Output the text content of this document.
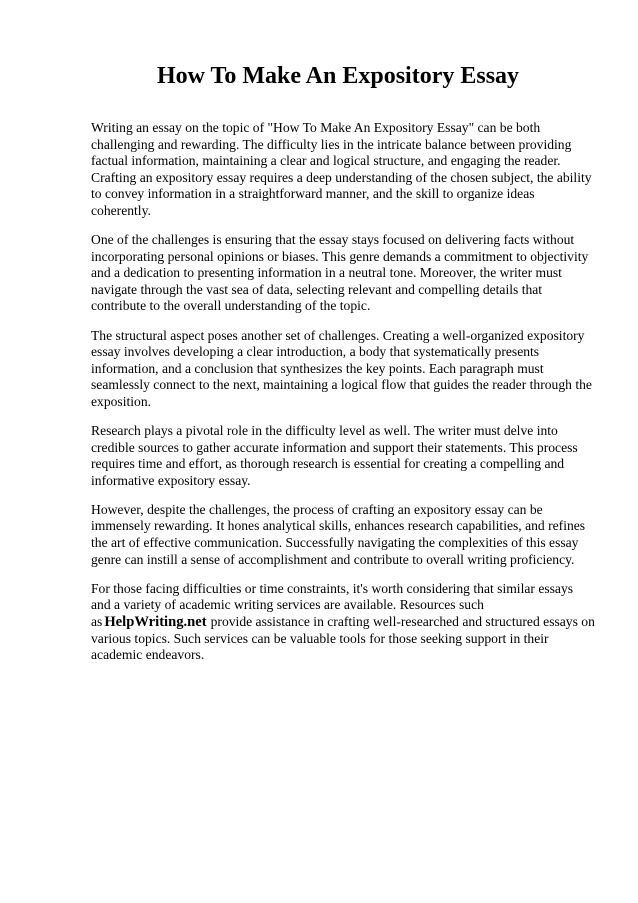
How To Make An Expository Essay

Writing an essay on the topic of "How To Make An Expository Essay" can be both challenging and rewarding. The difficulty lies in the intricate balance between providing factual information, maintaining a clear and logical structure, and engaging the reader. Crafting an expository essay requires a deep understanding of the chosen subject, the ability to convey information in a straightforward manner, and the skill to organize ideas coherently.

One of the challenges is ensuring that the essay stays focused on delivering facts without incorporating personal opinions or biases. This genre demands a commitment to objectivity and a dedication to presenting information in a neutral tone. Moreover, the writer must navigate through the vast sea of data, selecting relevant and compelling details that contribute to the overall understanding of the topic.

The structural aspect poses another set of challenges. Creating a well-organized expository essay involves developing a clear introduction, a body that systematically presents information, and a conclusion that synthesizes the key points. Each paragraph must seamlessly connect to the next, maintaining a logical flow that guides the reader through the exposition.

Research plays a pivotal role in the difficulty level as well. The writer must delve into credible sources to gather accurate information and support their statements. This process requires time and effort, as thorough research is essential for creating a compelling and informative expository essay.

However, despite the challenges, the process of crafting an expository essay can be immensely rewarding. It hones analytical skills, enhances research capabilities, and refines the art of effective communication. Successfully navigating the complexities of this essay genre can instill a sense of accomplishment and contribute to overall writing proficiency.

For those facing difficulties or time constraints, it's worth considering that similar essays and a variety of academic writing services are available. Resources such as HelpWriting.net provide assistance in crafting well-researched and structured essays on various topics. Such services can be valuable tools for those seeking support in their academic endeavors.
